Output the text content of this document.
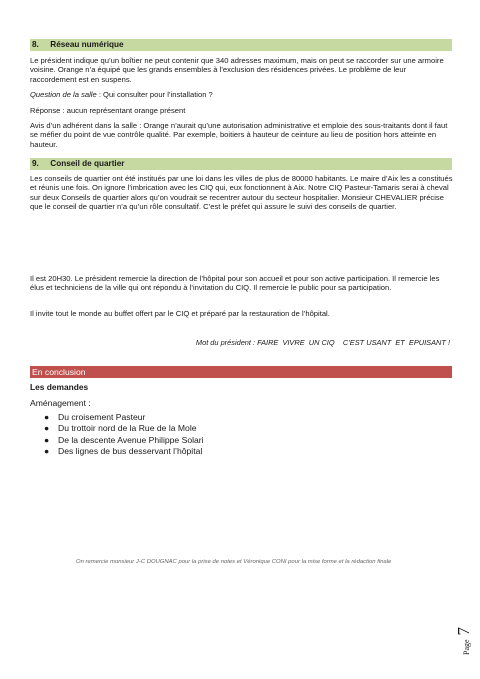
8. Réseau numérique

Le président indique qu’un boîtier ne peut contenir que 340 adresses maximum, mais on peut se raccorder sur une armoire voisine. Orange n’a équipé que les grands ensembles à l’exclusion des résidences privées. Le problème de leur raccordement est en suspens.

Question de la salle : Qui consulter pour l’installation ?

Réponse : aucun représentant orange présent

Avis d’un adhérent dans la salle : Orange n’aurait qu’une autorisation administrative et emploie des sous-traitants dont il faut se méfier du point de vue contrôle qualité. Par exemple, boitiers à hauteur de ceinture au lieu de position hors atteinte en hauteur.

9. Conseil de quartier

Les conseils de quartier ont été institués par une loi dans les villes de plus de 80000 habitants. Le maire d’Aix les a constitués et réunis une fois. On ignore l’imbrication avec les CIQ qui, eux fonctionnent à Aix. Notre CIQ Pasteur-Tamaris serai à cheval sur deux Conseils de quartier alors qu’on voudrait se recentrer autour du secteur hospitalier. Monsieur CHEVALIER précise que le conseil de quartier n’a qu’un rôle consultatif. C’est le préfet qui assure le suivi des conseils de quartier.

Il est 20H30. Le président remercie la direction de l’hôpital pour son accueil et pour son active participation. Il remercie les élus et techniciens de la ville qui ont répondu à l’invitation du CIQ. Il remercie le public pour sa participation.

Il invite tout le monde au buffet offert par le CIQ et préparé par la restauration de l’hôpital.

Mot du président : FAIRE  VIVRE  UN CIQ    C’EST USANT  ET  EPUISANT !
En conclusion
Les demandes
Aménagement :
● Du croisement Pasteur
● Du trottoir nord de la Rue de la Mole
● De la descente Avenue Philippe Solari
● Des lignes de bus desservant l’hôpital
On remercie monsieur J-C DOUGNAC pour la prise de notes et Véronique CONI pour la mise forme et la rédaction finale
Page 7
